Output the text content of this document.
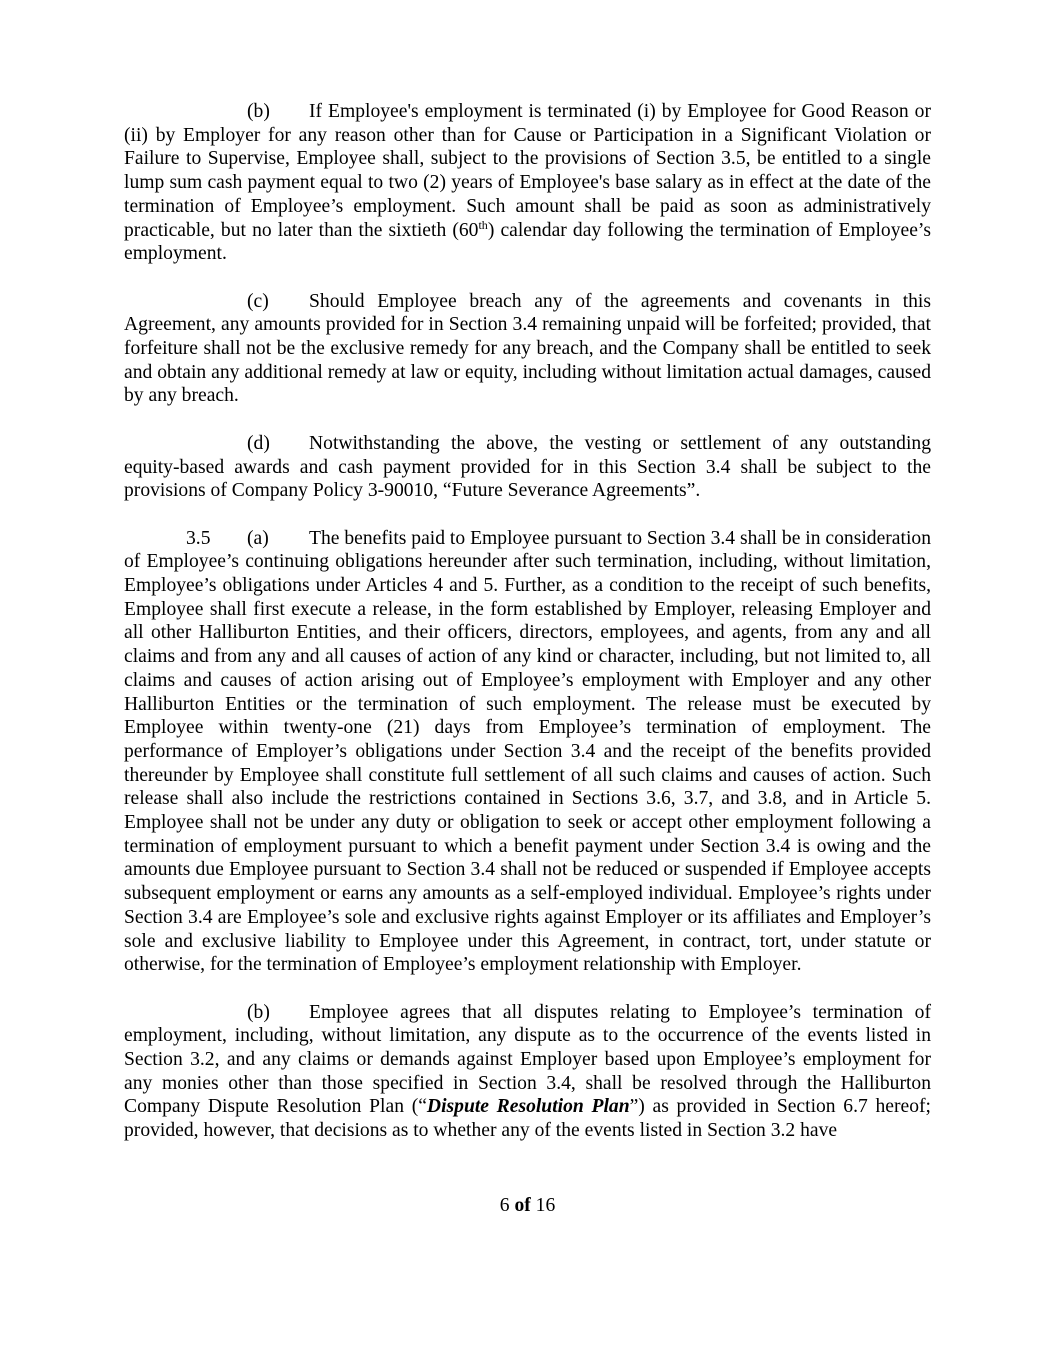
(b) If Employee's employment is terminated (i) by Employee for Good Reason or (ii) by Employer for any reason other than for Cause or Participation in a Significant Violation or Failure to Supervise, Employee shall, subject to the provisions of Section 3.5, be entitled to a single lump sum cash payment equal to two (2) years of Employee's base salary as in effect at the date of the termination of Employee’s employment. Such amount shall be paid as soon as administratively practicable, but no later than the sixtieth (60th) calendar day following the termination of Employee’s employment.

(c) Should Employee breach any of the agreements and covenants in this Agreement, any amounts provided for in Section 3.4 remaining unpaid will be forfeited; provided, that forfeiture shall not be the exclusive remedy for any breach, and the Company shall be entitled to seek and obtain any additional remedy at law or equity, including without limitation actual damages, caused by any breach.

(d) Notwithstanding the above, the vesting or settlement of any outstanding equity-based awards and cash payment provided for in this Section 3.4 shall be subject to the provisions of Company Policy 3-90010, “Future Severance Agreements”.

3.5 (a) The benefits paid to Employee pursuant to Section 3.4 shall be in consideration of Employee’s continuing obligations hereunder after such termination, including, without limitation, Employee’s obligations under Articles 4 and 5. Further, as a condition to the receipt of such benefits, Employee shall first execute a release, in the form established by Employer, releasing Employer and all other Halliburton Entities, and their officers, directors, employees, and agents, from any and all claims and from any and all causes of action of any kind or character, including, but not limited to, all claims and causes of action arising out of Employee’s employment with Employer and any other Halliburton Entities or the termination of such employment. The release must be executed by Employee within twenty-one (21) days from Employee’s termination of employment. The performance of Employer’s obligations under Section 3.4 and the receipt of the benefits provided thereunder by Employee shall constitute full settlement of all such claims and causes of action. Such release shall also include the restrictions contained in Sections 3.6, 3.7, and 3.8, and in Article 5. Employee shall not be under any duty or obligation to seek or accept other employment following a termination of employment pursuant to which a benefit payment under Section 3.4 is owing and the amounts due Employee pursuant to Section 3.4 shall not be reduced or suspended if Employee accepts subsequent employment or earns any amounts as a self-employed individual. Employee’s rights under Section 3.4 are Employee’s sole and exclusive rights against Employer or its affiliates and Employer’s sole and exclusive liability to Employee under this Agreement, in contract, tort, under statute or otherwise, for the termination of Employee’s employment relationship with Employer.

(b) Employee agrees that all disputes relating to Employee’s termination of employment, including, without limitation, any dispute as to the occurrence of the events listed in Section 3.2, and any claims or demands against Employer based upon Employee’s employment for any monies other than those specified in Section 3.4, shall be resolved through the Halliburton Company Dispute Resolution Plan (“Dispute Resolution Plan”) as provided in Section 6.7 hereof; provided, however, that decisions as to whether any of the events listed in Section 3.2 have

6 of 16
